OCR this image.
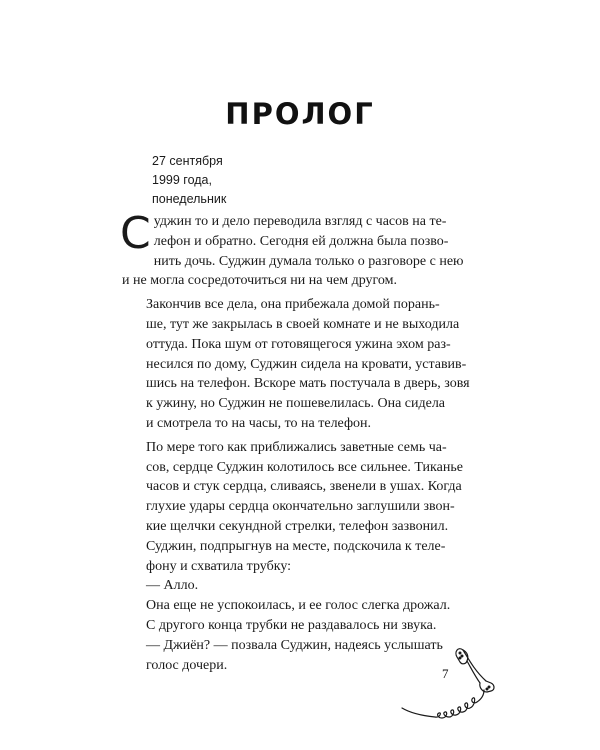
ПРОЛОГ
27 сентября
1999 года,
понедельник

С уджин то и дело переводила взгляд с часов на те-
лефон и обратно. Сегодня ей должна была позво-
нить дочь. Суджин думала только о разговоре с нею
и не могла сосредоточиться ни на чем другом.

Закончив все дела, она прибежала домой порань-
ше, тут же закрылась в своей комнате и не выходила
оттуда. Пока шум от готовящегося ужина эхом раз-
несился по дому, Суджин сидела на кровати, уставив-
шись на телефон. Вскоре мать постучала в дверь, зовя
к ужину, но Суджин не пошевелилась. Она сидела
и смотрела то на часы, то на телефон.

По мере того как приближались заветные семь ча-
сов, сердце Суджин колотилось все сильнее. Тиканье
часов и стук сердца, сливаясь, звенели в ушах. Когда
глухие удары сердца окончательно заглушили звон-
кие щелчки секундной стрелки, телефон зазвонил.

Суджин, подпрыгнув на месте, подскочила к телe-
фону и схватила трубку:

— Алло.

Она еще не успокоилась, и ее голос слегка дрожал.

С другого конца трубки не раздавалось ни звука.

— Джиён? — позвала Суджин, надеясь услышать
голос дочери.

7
